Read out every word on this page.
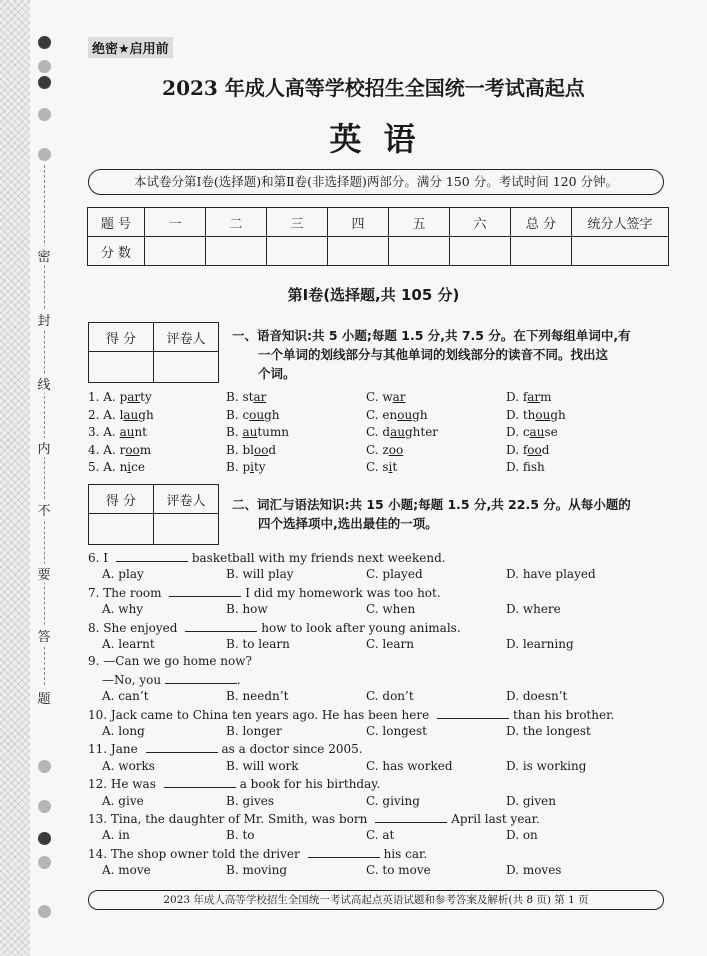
密
封
线
内
不
要
答
题
绝密★启用前
2023 年成人高等学校招生全国统一考试高起点
英语
本试卷分第Ⅰ卷(选择题)和第Ⅱ卷(非选择题)两部分。满分 150 分。考试时间 120 分钟。
题 号	一	二	三	四	五	六	总 分	统分人签字
分 数								
第Ⅰ卷(选择题,共 105 分)
得 分	评卷人
	一、语音知识:共 5 小题;每题 1.5 分,共 7.5 分。在下列每组单词中,有
一个单词的划线部分与其他单词的划线部分的读音不同。找出这
个词。
得 分	评卷人
	二、词汇与语法知识:共 15 小题;每题 1.5 分,共 22.5 分。从每小题的
四个选择项中,选出最佳的一项。
2023 年成人高等学校招生全国统一考试高起点英语试题和参考答案及解析(共 8 页) 第 1 页
1. A. party	B. star	C. war	D. farm
2. A. laugh	B. cough	C. enough	D. though
3. A. aunt	B. autumn	C. daughter	D. cause
4. A. room	B. blood	C. zoo	D. food
5. A. nice	B. pity	C. sit	D. fsh
6. I	basketball with my friends next weekend.
A. play	B. will play	C. played	D. have played
7. The room	I did my homework was too hot.
A. why	B. how	C. when	D. where
8. She enjoyed	how to look after young animals.
A. learnt	B. to learn	C. learn	D. learning
9. —Can we go home now?
—No, you	.
A. can’t	B. needn’t	C. don’t	D. doesn’t
10. Jack came to China ten years ago. He has been here	than his brother.
A. long	B. longer	C. longest	D. the longest
11. Jane	as a doctor since 2005.
A. works	B. will work	C. has worked	D. is working
12. He was	a book for his birthday.
A. give	B. gives	C. giving	D. given
13. Tina, the daughter of Mr. Smith, was born	April last year.
A. in	B. to	C. at	D. on
14. The shop owner told the driver	his car.
A. move	B. moving	C. to move	D. moves
